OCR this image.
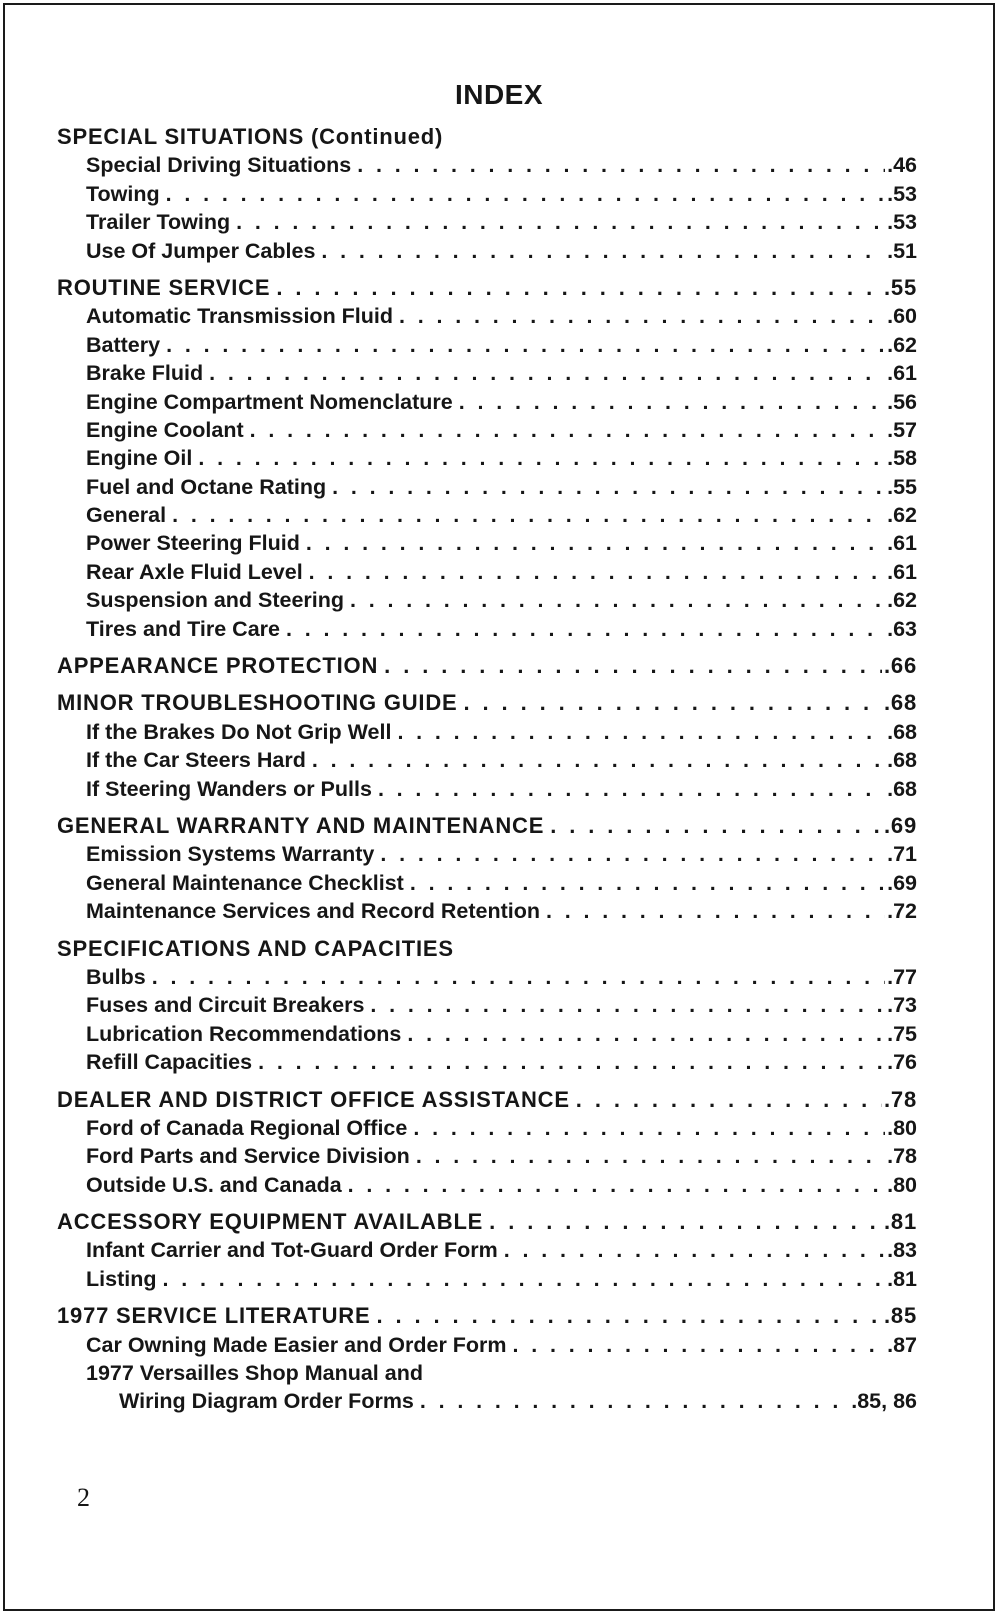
INDEX
SPECIAL SITUATIONS (Continued)
Special Driving Situations . . .	.46
Towing . . .	.53
Trailer Towing . . .	.53
Use Of Jumper Cables . . .	.51
ROUTINE SERVICE . . .	.55
Automatic Transmission Fluid . . .	.60
Battery . . .	.62
Brake Fluid . . .	.61
Engine Compartment Nomenclature . . .	.56
Engine Coolant . . .	.57
Engine Oil . . .	.58
Fuel and Octane Rating . . .	.55
General . . .	.62
Power Steering Fluid . . .	.61
Rear Axle Fluid Level . . .	.61
Suspension and Steering . . .	.62
Tires and Tire Care . . .	.63
APPEARANCE PROTECTION . . .	.66
MINOR TROUBLESHOOTING GUIDE . . .	.68
If the Brakes Do Not Grip Well . . .	.68
If the Car Steers Hard . . .	.68
If Steering Wanders or Pulls . . .	.68
GENERAL WARRANTY AND MAINTENANCE . . .	.69
Emission Systems Warranty . . .	.71
General Maintenance Checklist . . .	.69
Maintenance Services and Record Retention . . .	.72
SPECIFICATIONS AND CAPACITIES
Bulbs . . .	.77
Fuses and Circuit Breakers . . .	.73
Lubrication Recommendations . . .	.75
Refill Capacities . . .	.76
DEALER AND DISTRICT OFFICE ASSISTANCE . . .	.78
Ford of Canada Regional Office . . .	.80
Ford Parts and Service Division . . .	.78
Outside U.S. and Canada . . .	.80
ACCESSORY EQUIPMENT AVAILABLE . . .	.81
Infant Carrier and Tot-Guard Order Form . . .	.83
Listing . . .	.81
1977 SERVICE LITERATURE . . .	.85
Car Owning Made Easier and Order Form . . .	.87
1977 Versailles Shop Manual and
Wiring Diagram Order Forms . . .	.85, 86
2
